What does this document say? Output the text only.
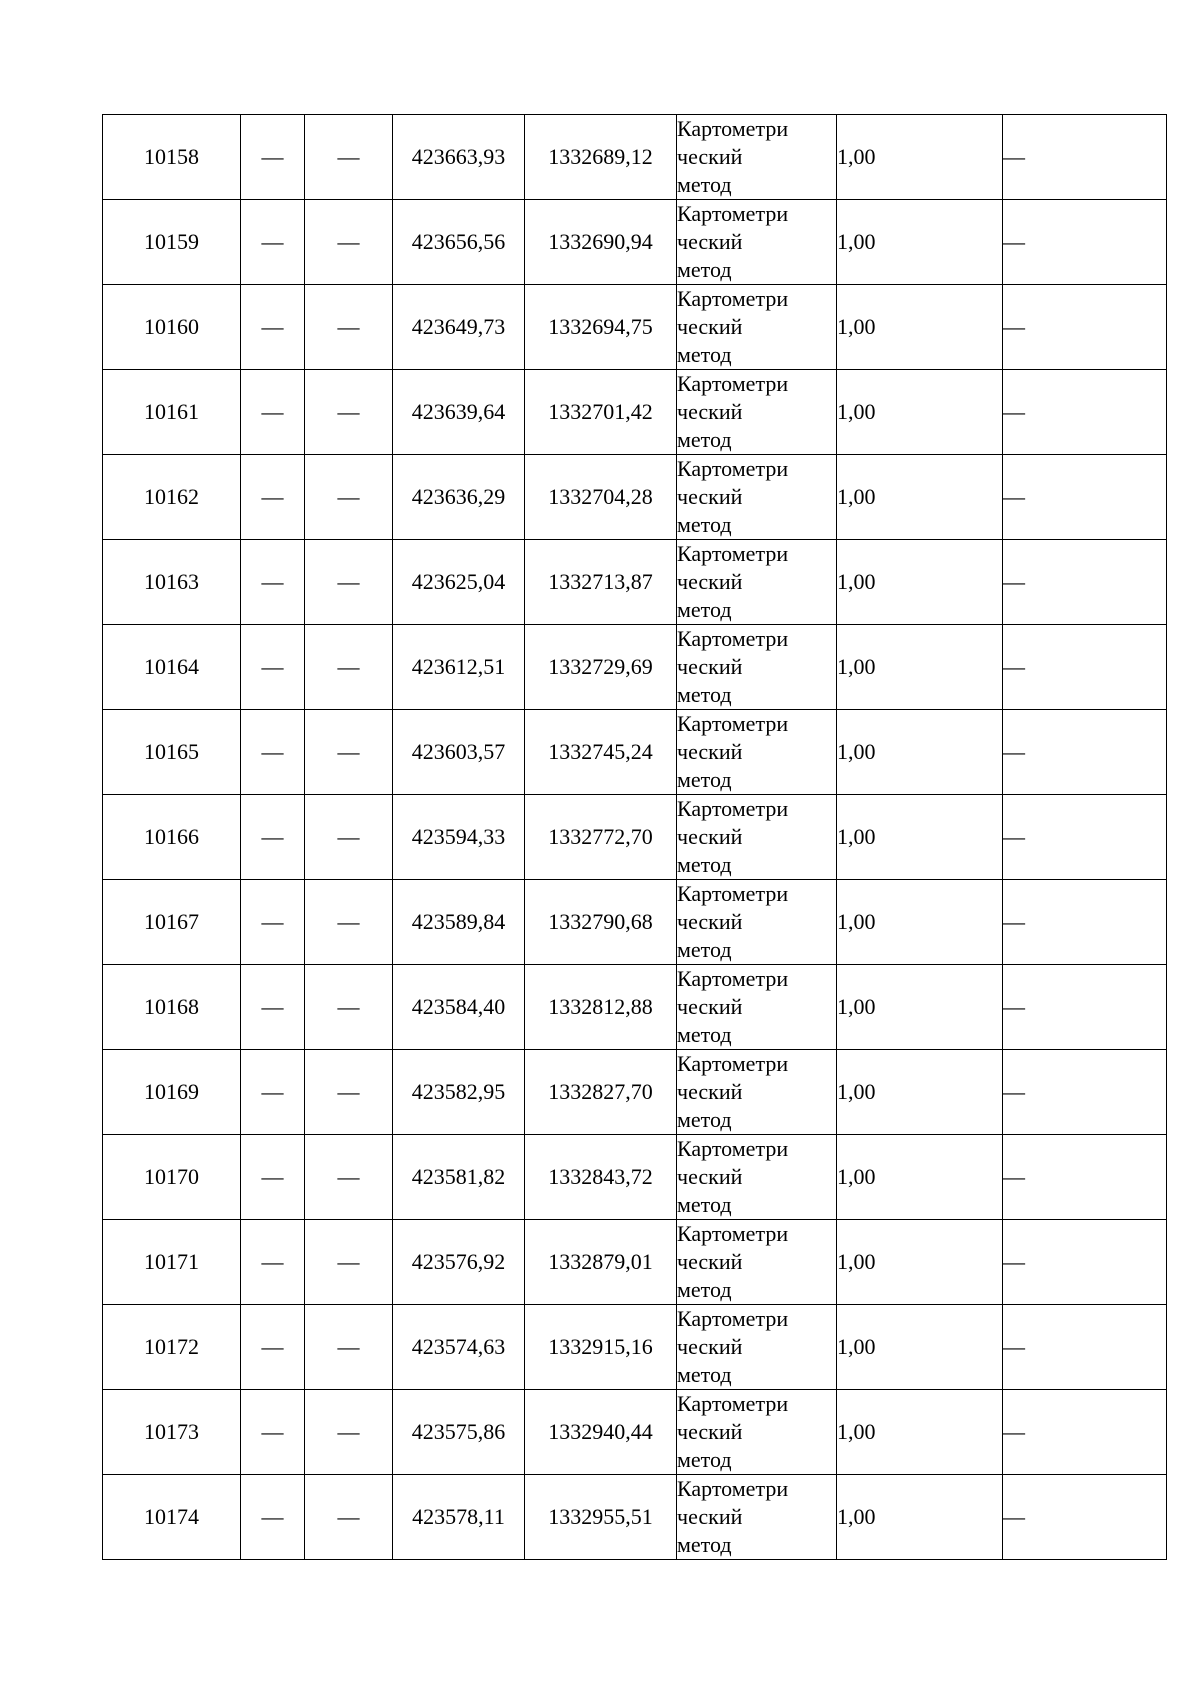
10158	—	—	423663,93	1332689,12	Картометри
ческий
метод	1,00	—
10159	—	—	423656,56	1332690,94	Картометри
ческий
метод	1,00	—
10160	—	—	423649,73	1332694,75	Картометри
ческий
метод	1,00	—
10161	—	—	423639,64	1332701,42	Картометри
ческий
метод	1,00	—
10162	—	—	423636,29	1332704,28	Картометри
ческий
метод	1,00	—
10163	—	—	423625,04	1332713,87	Картометри
ческий
метод	1,00	—
10164	—	—	423612,51	1332729,69	Картометри
ческий
метод	1,00	—
10165	—	—	423603,57	1332745,24	Картометри
ческий
метод	1,00	—
10166	—	—	423594,33	1332772,70	Картометри
ческий
метод	1,00	—
10167	—	—	423589,84	1332790,68	Картометри
ческий
метод	1,00	—
10168	—	—	423584,40	1332812,88	Картометри
ческий
метод	1,00	—
10169	—	—	423582,95	1332827,70	Картометри
ческий
метод	1,00	—
10170	—	—	423581,82	1332843,72	Картометри
ческий
метод	1,00	—
10171	—	—	423576,92	1332879,01	Картометри
ческий
метод	1,00	—
10172	—	—	423574,63	1332915,16	Картометри
ческий
метод	1,00	—
10173	—	—	423575,86	1332940,44	Картометри
ческий
метод	1,00	—
10174	—	—	423578,11	1332955,51	Картометри
ческий
метод	1,00	—
